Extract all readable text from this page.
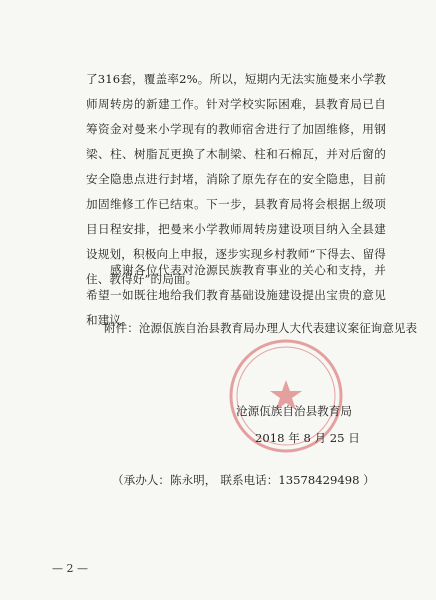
了316套，覆盖率2%。所以，短期内无法实施曼来小学教师周转房的新建工作。针对学校实际困难，县教育局已自筹资金对曼来小学现有的教师宿舍进行了加固维修，用钢梁、柱、树脂瓦更换了木制梁、柱和石棉瓦，并对后窗的安全隐患点进行封堵，消除了原先存在的安全隐患，目前加固维修工作已结束。下一步，县教育局将会根据上级项目日程安排，把曼来小学教师周转房建设项目纳入全县建设规划，积极向上申报，逐步实现乡村教师“下得去、留得住、教得好”的局面。

感谢各位代表对沧源民族教育事业的关心和支持，并希望一如既往地给我们教育基础设施建设提出宝贵的意见和建议。

附件：沧源佤族自治县教育局办理人大代表建议案征询意见表
沧源佤族自治县教育局
2018 年 8 月 25 日
（承办人：陈永明， 联系电话：13578429498 ）
— 2 —
